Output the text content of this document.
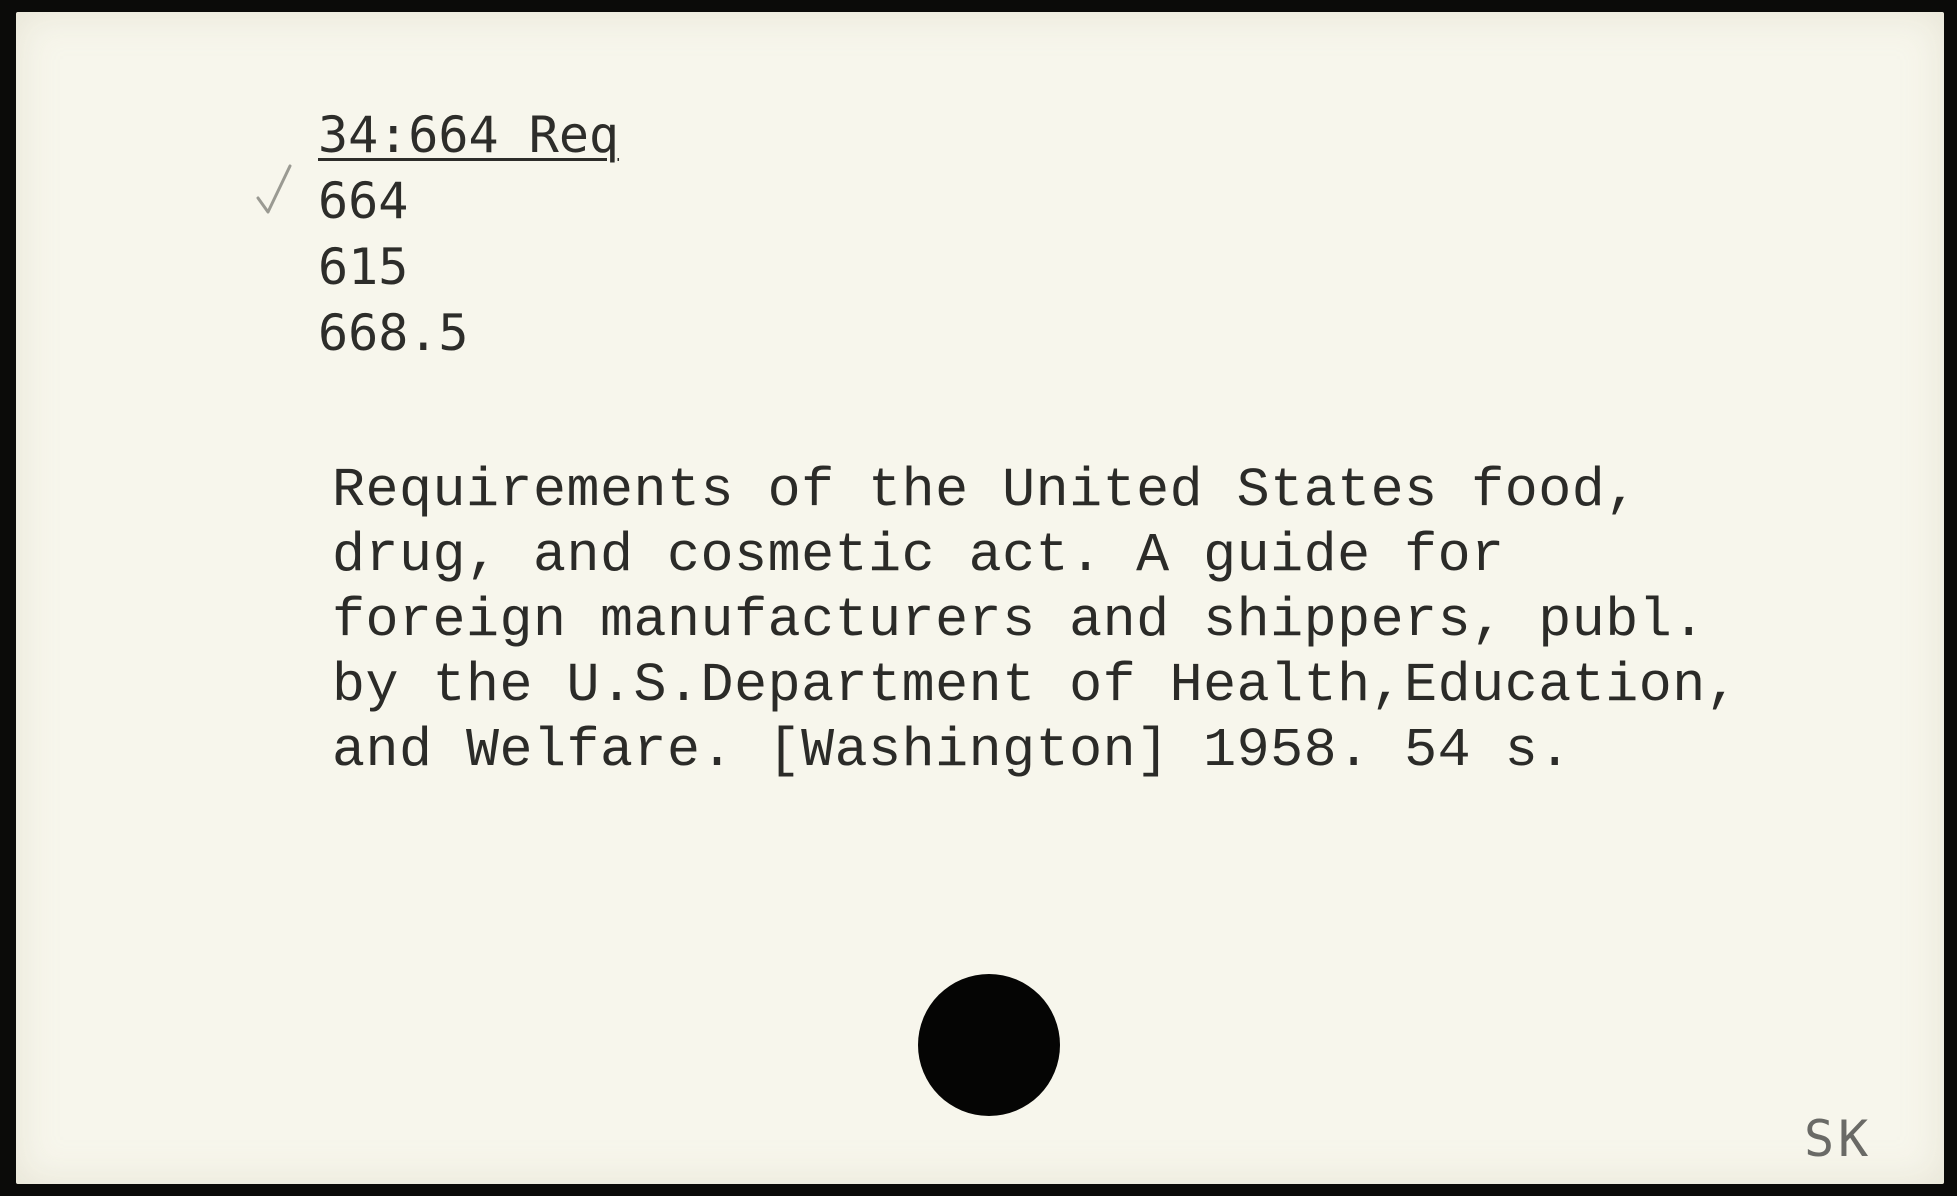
34:664 Req
664
615
668.5
Requirements of the United States food,
drug, and cosmetic act. A guide for
foreign manufacturers and shippers, publ.
by the U.S.Department of Health,Education,
and Welfare. [Washington] 1958. 54 s.
SK
